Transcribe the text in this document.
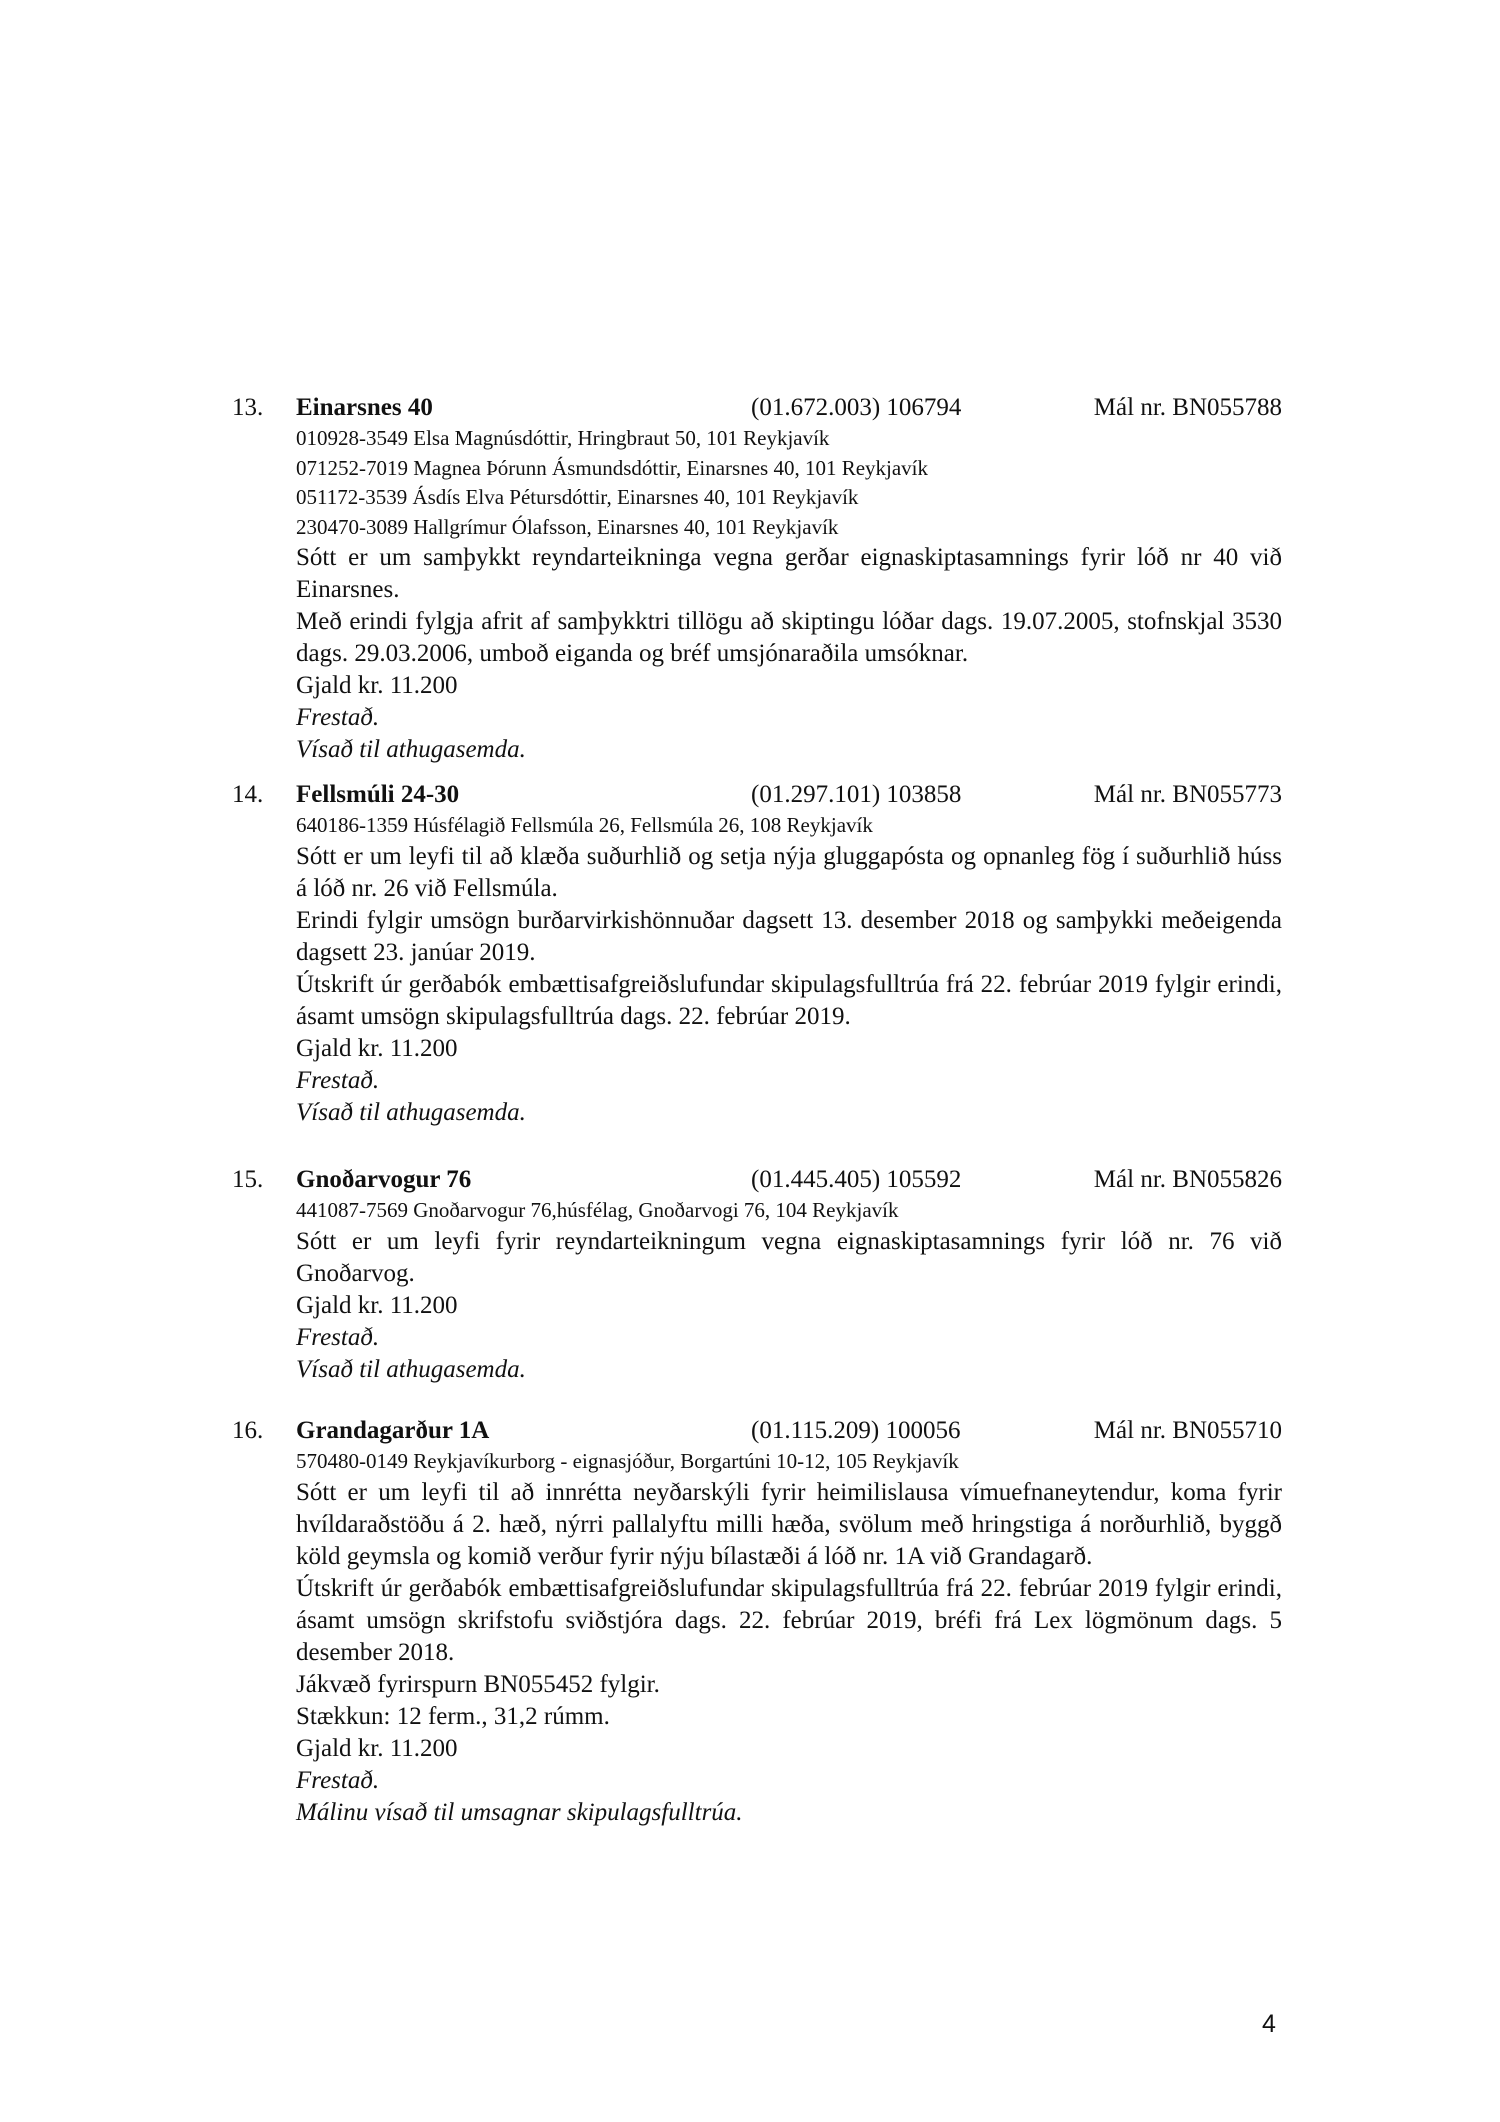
13. Einarsnes 40	(01.672.003) 106794	Mál nr. BN055788
010928-3549 Elsa Magnúsdóttir, Hringbraut 50, 101 Reykjavík
071252-7019 Magnea Þórunn Ásmundsdóttir, Einarsnes 40, 101 Reykjavík
051172-3539 Ásdís Elva Pétursdóttir, Einarsnes 40, 101 Reykjavík
230470-3089 Hallgrímur Ólafsson, Einarsnes 40, 101 Reykjavík
Sótt er um samþykkt reyndarteikninga vegna gerðar eignaskiptasamnings fyrir lóð nr 40 við Einarsnes.
Með erindi fylgja afrit af samþykktri tillögu að skiptingu lóðar dags. 19.07.2005, stofnskjal 3530 dags. 29.03.2006, umboð eiganda og bréf umsjónaraðila umsóknar.
Gjald kr. 11.200
Frestað.
Vísað til athugasemda.
14. Fellsmúli 24-30	(01.297.101) 103858	Mál nr. BN055773
640186-1359 Húsfélagið Fellsmúla 26, Fellsmúla 26, 108 Reykjavík
Sótt er um leyfi til að klæða suðurhlið og setja nýja gluggapósta og opnanleg fög í suðurhlið húss á lóð nr. 26 við Fellsmúla.
Erindi fylgir umsögn burðarvirkishönnuðar dagsett 13. desember 2018 og samþykki meðeigenda dagsett 23. janúar 2019.
Útskrift úr gerðabók embættisafgreiðslufundar skipulagsfulltrúa frá 22. febrúar 2019 fylgir erindi, ásamt umsögn skipulagsfulltrúa dags. 22. febrúar 2019.
Gjald kr. 11.200
Frestað.
Vísað til athugasemda.
15. Gnoðarvogur 76	(01.445.405) 105592	Mál nr. BN055826
441087-7569 Gnoðarvogur 76,húsfélag, Gnoðarvogi 76, 104 Reykjavík
Sótt er um leyfi fyrir reyndarteikningum vegna eignaskiptasamnings fyrir lóð nr. 76 við Gnoðarvog.
Gjald kr. 11.200
Frestað.
Vísað til athugasemda.
16. Grandagarður 1A	(01.115.209) 100056	Mál nr. BN055710
570480-0149 Reykjavíkurborg - eignasjóður, Borgartúni 10-12, 105 Reykjavík
Sótt er um leyfi til að innrétta neyðarskýli fyrir heimilislausa vímuefnaneytendur, koma fyrir hvíldaraðstöðu á 2. hæð, nýrri pallalyftu milli hæða, svölum með hringstiga á norðurhlið, byggð köld geymsla og komið verður fyrir nýju bílastæði á lóð nr. 1A við Grandagarð.
Útskrift úr gerðabók embættisafgreiðslufundar skipulagsfulltrúa frá 22. febrúar 2019 fylgir erindi, ásamt umsögn skrifstofu sviðstjóra dags. 22. febrúar 2019, bréfi frá Lex lögmönum dags. 5 desember 2018.
Jákvæð fyrirspurn BN055452 fylgir.
Stækkun: 12 ferm., 31,2 rúmm.
Gjald kr. 11.200
Frestað.
Málinu vísað til umsagnar skipulagsfulltrúa.
4
